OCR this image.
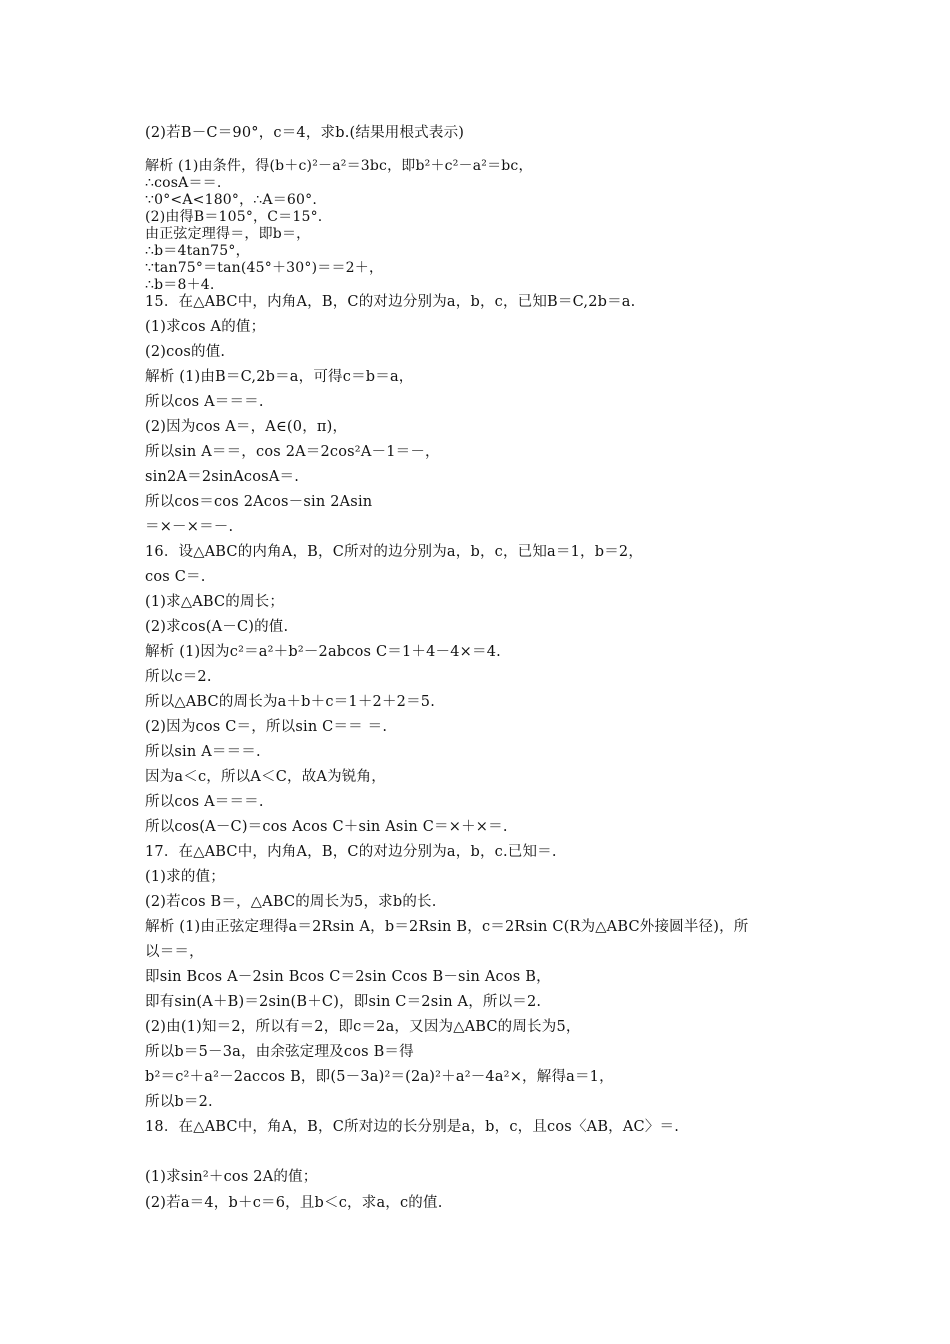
(2)若B－C＝90°，c＝4，求b.(结果用根式表示)
解析 (1)由条件，得(b＋c)²－a²＝3bc，即b²＋c²－a²＝bc，
∴cosA＝＝.
∵0°<A<180°，∴A＝60°.
(2)由得B＝105°，C＝15°.
由正弦定理得＝，即b＝，
∴b＝4tan75°，
∵tan75°＝tan(45°＋30°)＝＝2＋，
∴b＝8＋4.
15．在△ABC中，内角A，B，C的对边分别为a，b，c，已知B＝C,2b＝a.
(1)求cos A的值；
(2)cos的值.
解析 (1)由B＝C,2b＝a，可得c＝b＝a，
所以cos A＝＝＝.
(2)因为cos A＝，A∈(0，π)，
所以sin A＝＝，cos 2A＝2cos²A－1＝－，
sin2A＝2sinAcosA＝.
所以cos＝cos 2Acos－sin 2Asin
＝×－×＝－.
16．设△ABC的内角A，B，C所对的边分别为a，b，c，已知a＝1，b＝2，
cos C＝.
(1)求△ABC的周长；
(2)求cos(A－C)的值.
解析 (1)因为c²＝a²＋b²－2abcos C＝1＋4－4×＝4.
所以c＝2.
所以△ABC的周长为a＋b＋c＝1＋2＋2＝5.
(2)因为cos C＝，所以sin C＝＝ ＝.
所以sin A＝＝＝.
因为a＜c，所以A＜C，故A为锐角，
所以cos A＝＝＝.
所以cos(A－C)＝cos Acos C＋sin Asin C＝×＋×＝.
17．在△ABC中，内角A，B，C的对边分别为a，b，c.已知＝.
(1)求的值；
(2)若cos B＝，△ABC的周长为5，求b的长.
解析 (1)由正弦定理得a＝2Rsin A，b＝2Rsin B，c＝2Rsin C(R为△ABC外接圆半径)，所
以＝＝，
即sin Bcos A－2sin Bcos C＝2sin Ccos B－sin Acos B，
即有sin(A＋B)＝2sin(B＋C)，即sin C＝2sin A，所以＝2.
(2)由(1)知＝2，所以有＝2，即c＝2a，又因为△ABC的周长为5，
所以b＝5－3a，由余弦定理及cos B＝得
b²＝c²＋a²－2accos B，即(5－3a)²＝(2a)²＋a²－4a²×，解得a＝1，
所以b＝2.
18．在△ABC中，角A，B，C所对边的长分别是a，b，c，且cos〈AB，AC〉＝.
(1)求sin²＋cos 2A的值；
(2)若a＝4，b＋c＝6，且b＜c，求a，c的值.
